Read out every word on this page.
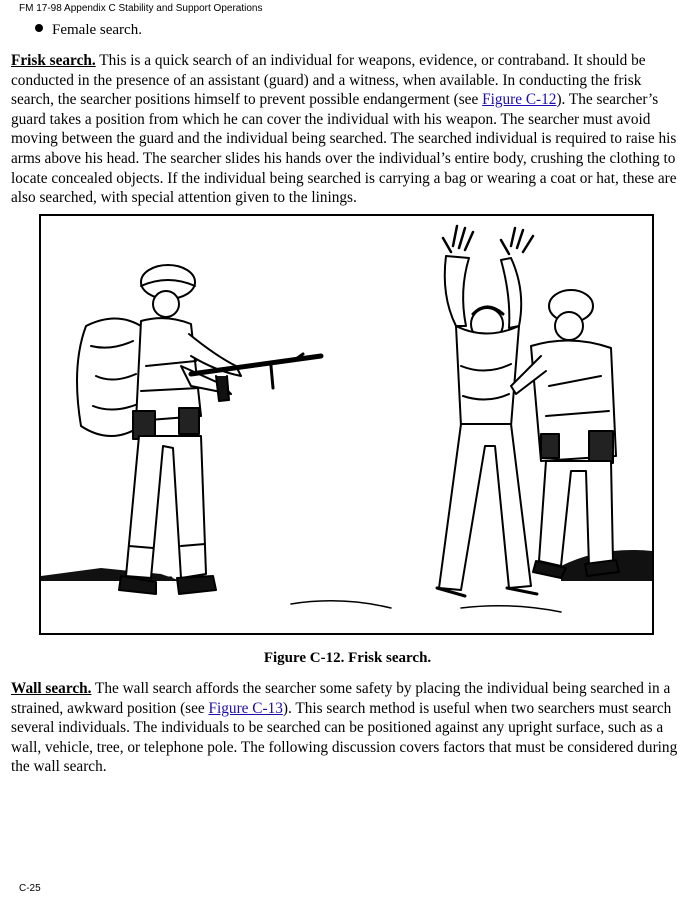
FM 17-98 Appendix C Stability and Support Operations
Female search.

Frisk search. This is a quick search of an individual for weapons, evidence, or contraband. It should be conducted in the presence of an assistant (guard) and a witness, when available. In conducting the frisk search, the searcher positions himself to prevent possible endangerment (see Figure C-12). The searcher’s guard takes a position from which he can cover the individual with his weapon. The searcher must avoid moving between the guard and the individual being searched. The searched individual is required to raise his arms above his head. The searcher slides his hands over the individual’s entire body, crushing the clothing to locate concealed objects. If the individual being searched is carrying a bag or wearing a coat or hat, these are also searched, with special attention given to the linings.

Figure C-12. Frisk search.

Wall search. The wall search affords the searcher some safety by placing the individual being searched in a strained, awkward position (see Figure C-13). This search method is useful when two searchers must search several individuals. The individuals to be searched can be positioned against any upright surface, such as a wall, vehicle, tree, or telephone pole. The following discussion covers factors that must be considered during the wall search.

C-25
